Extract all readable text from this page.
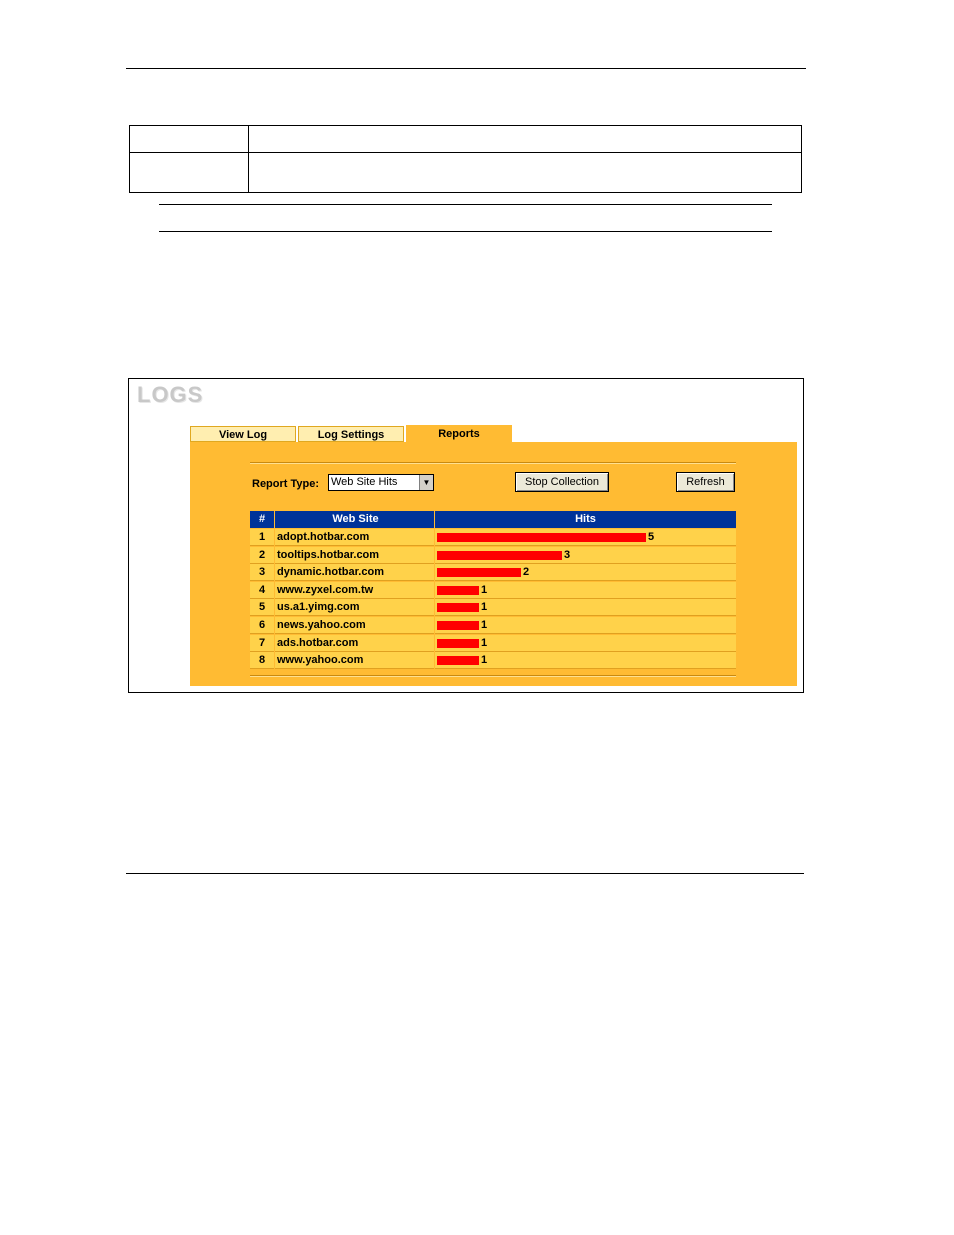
LOGS
View Log	Log Settings	Reports
Report Type: Web Site Hits	▼	Stop Collection	Refresh
#	Web Site	Hits
1	adopt.hotbar.com	5
2	tooltips.hotbar.com	3
3	dynamic.hotbar.com	2
4	www.zyxel.com.tw	1
5	us.a1.yimg.com	1
6	news.yahoo.com	1
7	ads.hotbar.com	1
8	www.yahoo.com	1
